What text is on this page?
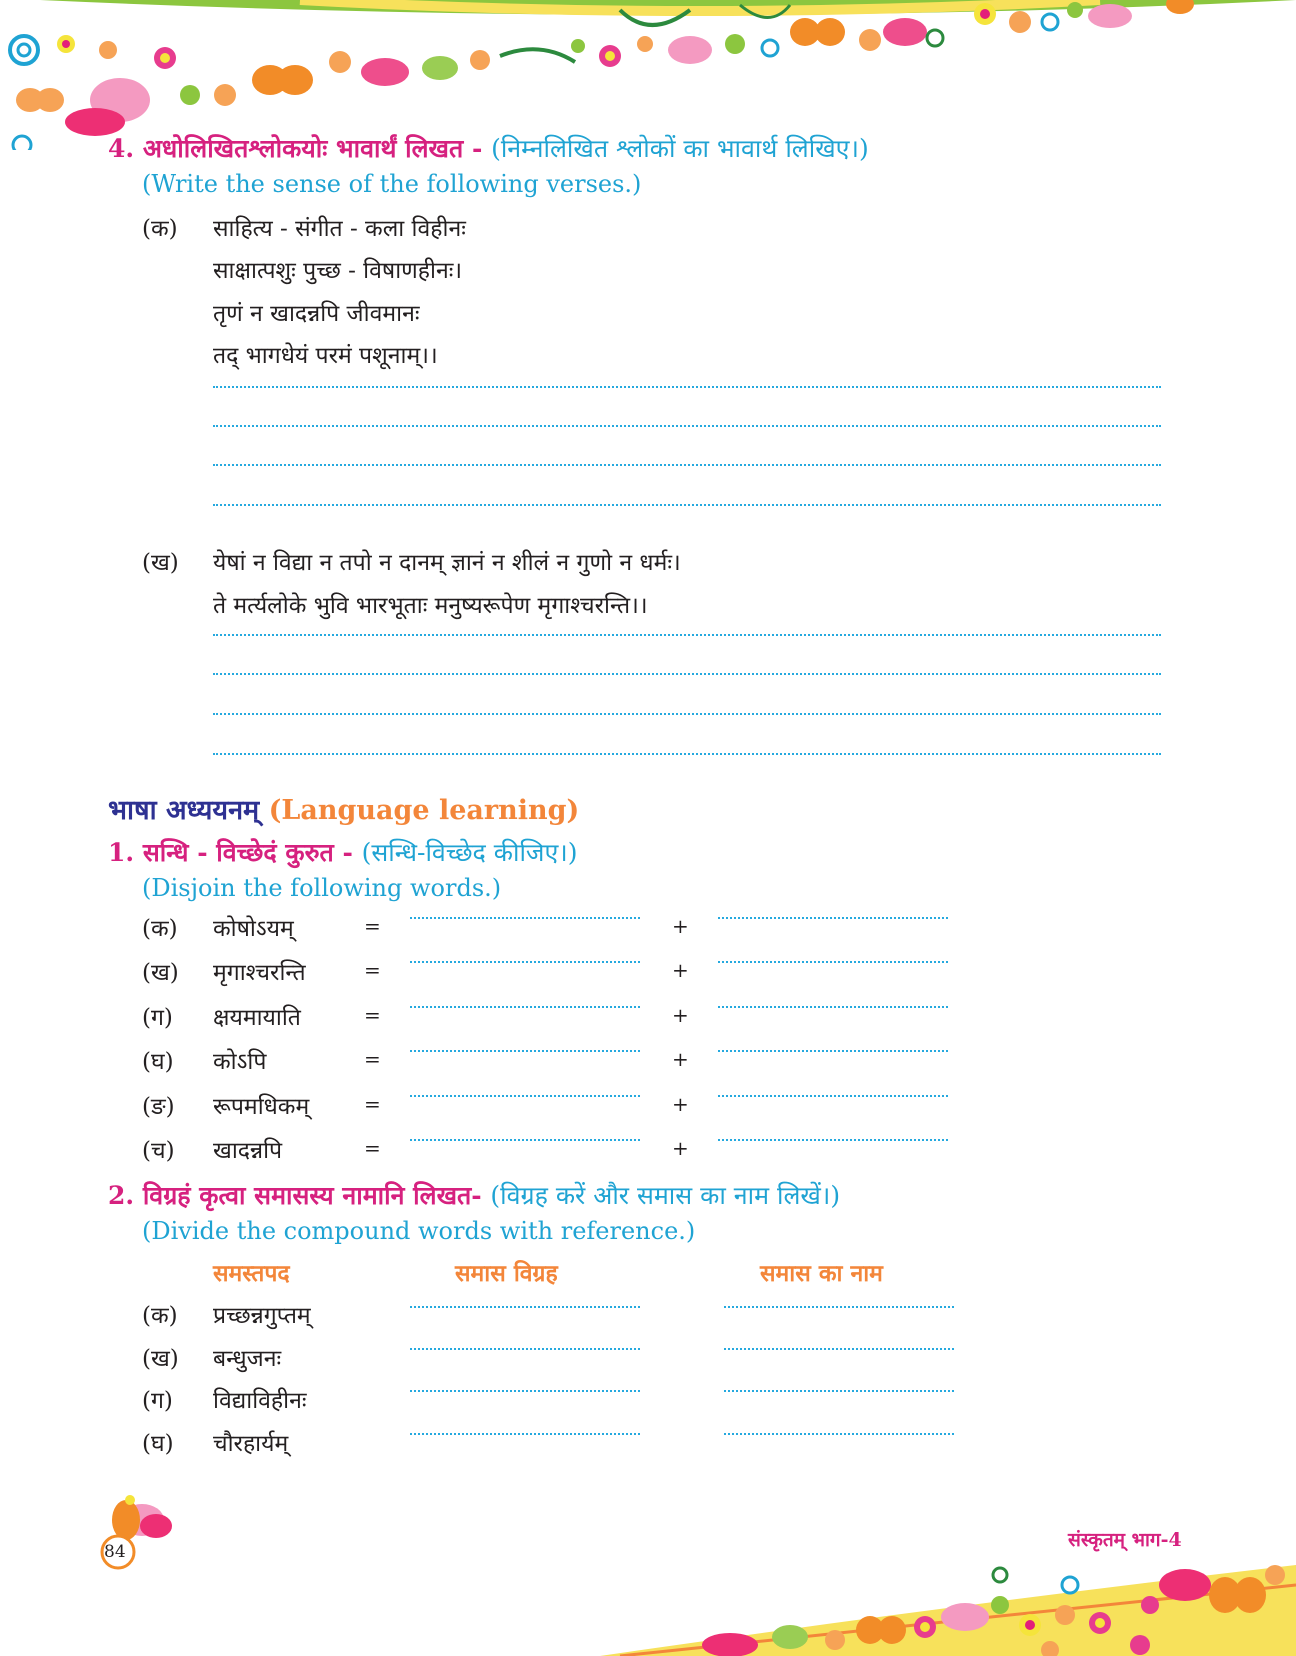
4. अधोलिखितश्लोकयोः भावार्थं लिखत - (निम्नलिखित श्लोकों का भावार्थ लिखिए।)
(Write the sense of the following verses.)
(क) साहित्य - संगीत - कला विहीनः
साक्षात्पशुः पुच्छ - विषाणहीनः।
तृणं न खादन्नपि जीवमानः
तद् भागधेयं परमं पशूनाम्।।
(ख) येषां न विद्या न तपो न दानम् ज्ञानं न शीलं न गुणो न धर्मः।
ते मर्त्यलोके भुवि भारभूताः मनुष्यरूपेण मृगाश्चरन्ति।।
भाषा अध्ययनम् (Language learning)
1. सन्धि - विच्छेदं कुरुत - (सन्धि-विच्छेद कीजिए।)
(Disjoin the following words.)
(क) कोषोऽयम्	=	+
(ख) मृगाश्चरन्ति	=	+
(ग) क्षयमायाति	=	+
(घ) कोऽपि	=	+
(ङ) रूपमधिकम्	=	+
(च) खादन्नपि	=	+
2. विग्रहं कृत्वा समासस्य नामानि लिखत- (विग्रह करें और समास का नाम लिखें।)
(Divide the compound words with reference.)
समस्तपद	समास विग्रह	समास का नाम
(क) प्रच्छन्नगुप्तम्
(ख) बन्धुजनः
(ग) विद्याविहीनः
(घ) चौरहार्यम्
84
संस्कृतम् भाग-4
